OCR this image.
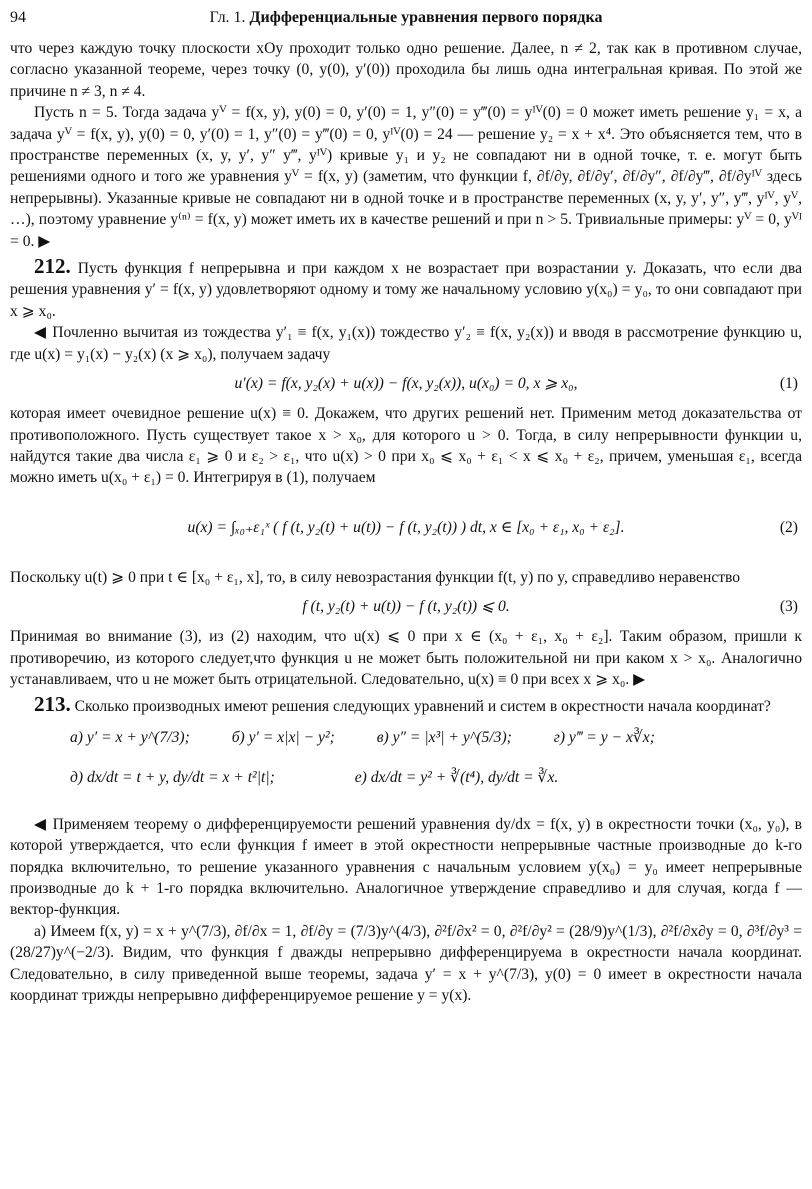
94	Гл. 1. Дифференциальные уравнения первого порядка

что через каждую точку плоскости xOy проходит только одно решение. Далее, n ≠ 2, так как в противном случае, согласно указанной теореме, через точку (0, y(0), y′(0)) проходила бы лишь одна интегральная кривая. По этой же причине n ≠ 3, n ≠ 4.

Пусть n = 5. Тогда задача yⱽ = f(x, y), y(0) = 0, y′(0) = 1, y″(0) = y‴(0) = yᴵⱽ(0) = 0 может иметь решение y₁ = x, а задача yⱽ = f(x, y), y(0) = 0, y′(0) = 1, y″(0) = y‴(0) = 0, yᴵⱽ(0) = 24 — решение y₂ = x + x⁴. Это объясняется тем, что в пространстве переменных (x, y, y′, y″ y‴, yᴵⱽ) кривые y₁ и y₂ не совпадают ни в одной точке, т. е. могут быть решениями одного и того же уравнения yⱽ = f(x, y) (заметим, что функции f, ∂f/∂y, ∂f/∂y′, ∂f/∂y″, ∂f/∂y‴, ∂f/∂yᴵⱽ здесь непрерывны). Указанные кривые не совпадают ни в одной точке и в пространстве переменных (x, y, y′, y″, y‴, yᴵⱽ, yⱽ, …), поэтому уравнение y⁽ⁿ⁾ = f(x, y) может иметь их в качестве решений и при n > 5. Тривиальные примеры: yⱽ = 0, yⱽᴵ = 0. ▶

212. Пусть функция f непрерывна и при каждом x не возрастает при возрастании y. Доказать, что если два решения уравнения y′ = f(x, y) удовлетворяют одному и тому же начальному условию y(x₀) = y₀, то они совпадают при x ⩾ x₀.

◀ Почленно вычитая из тождества y′₁ ≡ f(x, y₁(x)) тождество y′₂ ≡ f(x, y₂(x)) и вводя в рассмотрение функцию u, где u(x) = y₁(x) − y₂(x) (x ⩾ x₀), получаем задачу

u′(x) = f(x, y₂(x) + u(x)) − f(x, y₂(x)), u(x₀) = 0, x ⩾ x₀,	(1)

которая имеет очевидное решение u(x) ≡ 0. Докажем, что других решений нет. Применим метод доказательства от противоположного. Пусть существует такое x > x₀, для которого u > 0. Тогда, в силу непрерывности функции u, найдутся такие два числа ε₁ ⩾ 0 и ε₂ > ε₁, что u(x) > 0 при x₀ ⩽ x₀ + ε₁ < x ⩽ x₀ + ε₂, причем, уменьшая ε₁, всегда можно иметь u(x₀ + ε₁) = 0. Интегрируя в (1), получаем

u(x) = ∫ₓ₀₊ε₁ˣ ( f (t, y₂(t) + u(t)) − f (t, y₂(t)) ) dt, x ∈ [x₀ + ε₁, x₀ + ε₂].	(2)

Поскольку u(t) ⩾ 0 при t ∈ [x₀ + ε₁, x], то, в силу невозрастания функции f(t, y) по y, справедливо неравенство

f (t, y₂(t) + u(t)) − f (t, y₂(t)) ⩽ 0.	(3)

Принимая во внимание (3), из (2) находим, что u(x) ⩽ 0 при x ∈ (x₀ + ε₁, x₀ + ε₂]. Таким образом, пришли к противоречию, из которого следует,что функция u не может быть положительной ни при каком x > x₀. Аналогично устанавливаем, что u не может быть отрицательной. Следовательно, u(x) ≡ 0 при всех x ⩾ x₀. ▶

213. Сколько производных имеют решения следующих уравнений и систем в окрестности начала координат?

а) y′ = x + y^(7/3);	б) y′ = x|x| − y²;	в) y″ = |x³| + y^(5/3);	г) y‴ = y − x∛x;
д) dx/dt = t + y, dy/dt = x + t²|t|;	е) dx/dt = y² + ∛(t⁴), dy/dt = ∛x.

◀ Применяем теорему о дифференцируемости решений уравнения dy/dx = f(x, y) в окрестности точки (x₀, y₀), в которой утверждается, что если функция f имеет в этой окрестности непрерывные частные производные до k-го порядка включительно, то решение указанного уравнения с начальным условием y(x₀) = y₀ имеет непрерывные производные до k + 1-го порядка включительно. Аналогичное утверждение справедливо и для случая, когда f — вектор-функция.

а) Имеем f(x, y) = x + y^(7/3), ∂f/∂x = 1, ∂f/∂y = (7/3)y^(4/3), ∂²f/∂x² = 0, ∂²f/∂y² = (28/9)y^(1/3), ∂²f/∂x∂y = 0, ∂³f/∂y³ = (28/27)y^(−2/3). Видим, что функция f дважды непрерывно дифференцируема в окрестности начала координат. Следовательно, в силу приведенной выше теоремы, задача y′ = x + y^(7/3), y(0) = 0 имеет в окрестности начала координат трижды непрерывно дифференцируемое решение y = y(x).
